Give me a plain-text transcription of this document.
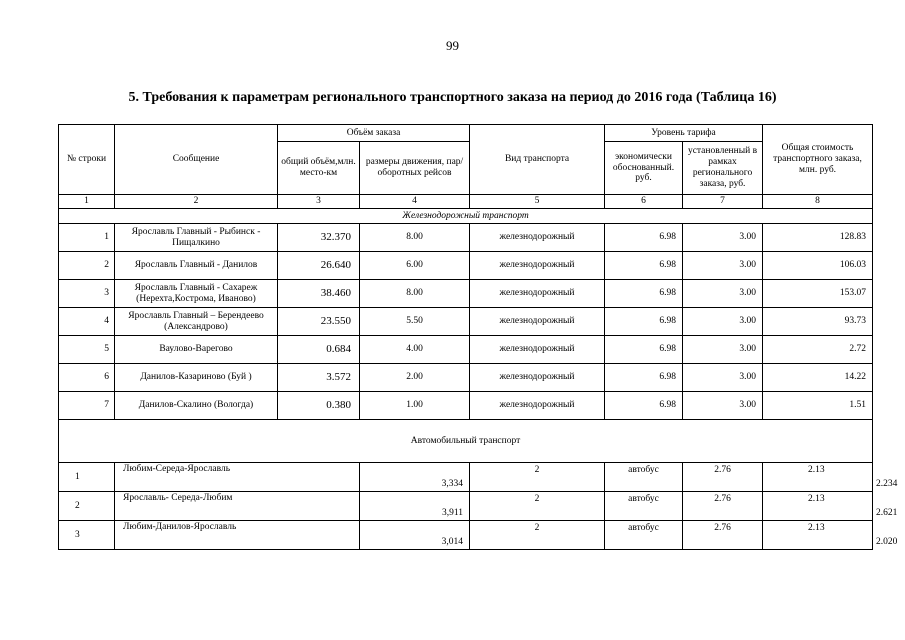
99
5. Требования к параметрам регионального транспортного заказа на период до 2016 года (Таблица 16)
№ строки	Сообщение	Объём заказа		Вид транспорта	Уровень тарифа		Общая стоимость транспортного заказа, млн. руб.	
		общий объём,млн. место-км	размеры движения, пар/оборотных рейсов		экономически обоснованный. руб.	установленный в рамках регионального заказа, руб.		
1	2	3	4	5	6	7	8	
Железнодорожный транспорт								
1	Ярославль Главный - Рыбинск - Пищалкино	32.370	8.00	железнодорожный	6.98	3.00	128.83	
2	Ярославль Главный - Данилов	26.640	6.00	железнодорожный	6.98	3.00	106.03	
3	Ярославль Главный - Сахареж (Нерехта,Кострома, Иваново)	38.460	8.00	железнодорожный	6.98	3.00	153.07	
4	Ярославль Главный – Берендеево (Александрово)	23.550	5.50	железнодорожный	6.98	3.00	93.73	
5	Ваулово-Варегово	0.684	4.00	железнодорожный	6.98	3.00	2.72	
6	Данилов-Казариново (Буй )	3.572	2.00	железнодорожный	6.98	3.00	14.22	
7	Данилов-Скалино (Вологда)	0.380	1.00	железнодорожный	6.98	3.00	1.51	
Автомобильный транспорт								
1	Любим-Середа-Ярославль		3,334	2	автобус	2.76	2.13	2.234
2	Ярославль- Середа-Любим		3,911	2	автобус	2.76	2.13	2.621
3	Любим-Данилов-Ярославль		3,014	2	автобус	2.76	2.13	2.020
